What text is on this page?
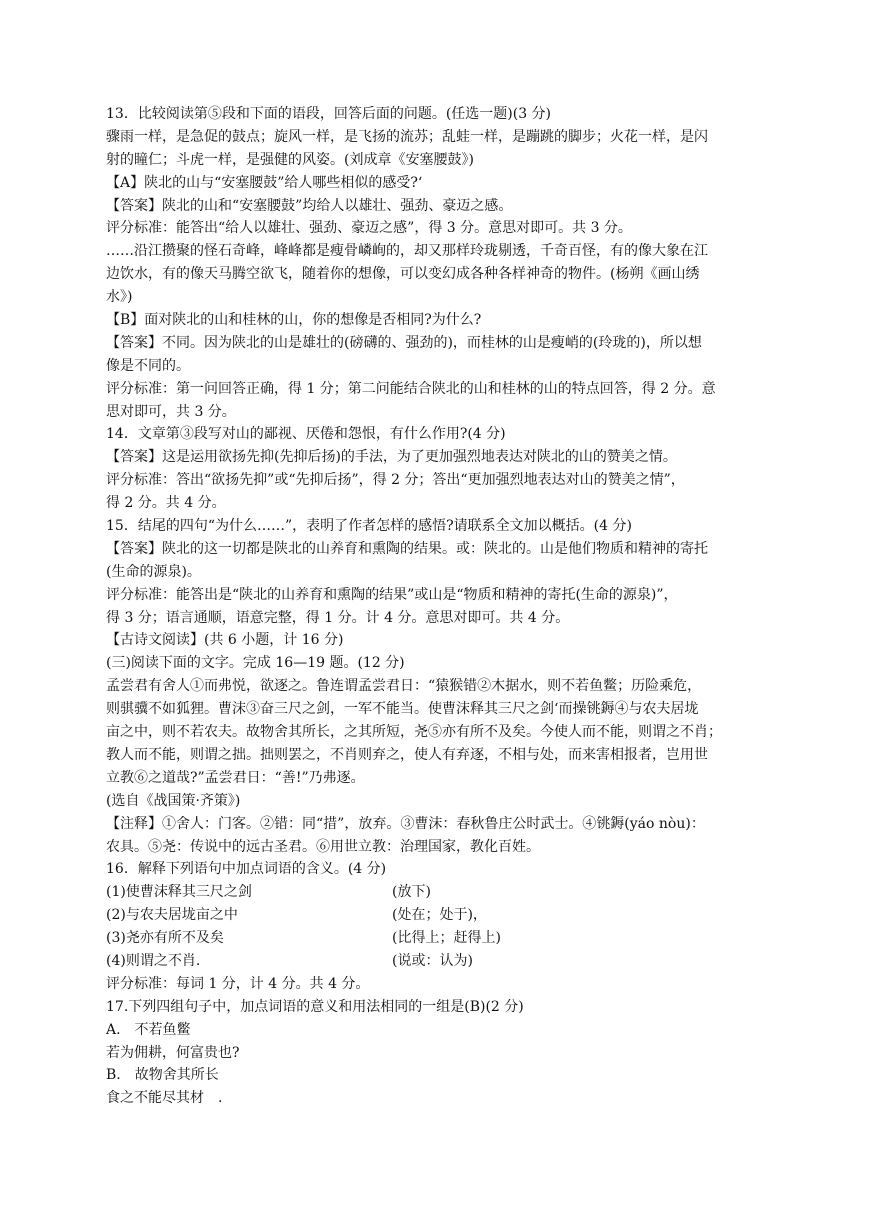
13．比较阅读第⑤段和下面的语段，回答后面的问题。(任选一题)(3 分)
骤雨一样，是急促的鼓点；旋风一样，是飞扬的流苏；乱蛙一样，是蹦跳的脚步；火花一样，是闪
射的瞳仁；斗虎一样，是强健的风姿。(刘成章《安塞腰鼓》)
【A】陕北的山与“安塞腰鼓”给人哪些相似的感受?‘
【答案】陕北的山和“安塞腰鼓”均给人以雄壮、强劲、豪迈之感。
评分标准：能答出“给人以雄壮、强劲、豪迈之感”，得 3 分。意思对即可。共 3 分。
……沿江攒聚的怪石奇峰，峰峰都是瘦骨嶙峋的，却又那样玲珑剔透，千奇百怪，有的像大象在江
边饮水，有的像天马腾空欲飞，随着你的想像，可以变幻成各种各样神奇的物件。(杨朔《画山绣
水》)
【B】面对陕北的山和桂林的山，你的想像是否相同?为什么?
【答案】不同。因为陕北的山是雄壮的(磅礴的、强劲的)，而桂林的山是瘦峭的(玲珑的)，所以想
像是不同的。
评分标准：第一问回答正确，得 1 分；第二问能结合陕北的山和桂林的山的特点回答，得 2 分。意
思对即可，共 3 分。
14．文章第③段写对山的鄙视、厌倦和怨恨，有什么作用?(4 分)
【答案】这是运用欲扬先抑(先抑后扬)的手法，为了更加强烈地表达对陕北的山的赞美之情。
评分标准：答出“欲扬先抑”或“先抑后扬”，得 2 分；答出“更加强烈地表达对山的赞美之情”，
得 2 分。共 4 分。
15．结尾的四句“为什么……”，表明了作者怎样的感悟?请联系全文加以概括。(4 分)
【答案】陕北的这一切都是陕北的山养育和熏陶的结果。或：陕北的。山是他们物质和精神的寄托
(生命的源泉)。
评分标准：能答出是“陕北的山养育和熏陶的结果”或山是“物质和精神的寄托(生命的源泉)”，
得 3 分；语言通顺，语意完整，得 1 分。计 4 分。意思对即可。共 4 分。
【古诗文阅读】(共 6 小题，计 16 分)
(三)阅读下面的文字。完成 16—19 题。(12 分)
孟尝君有舍人①而弗悦，欲逐之。鲁连谓孟尝君日：“猿猴错②木据水，则不若鱼鳖；历险乘危，
则骐骥不如狐狸。曹沫③奋三尺之剑，一军不能当。使曹沫释其三尺之剑‘而操铫鎒④与农夫居垅
亩之中，则不若农夫。故物舍其所长，之其所短，尧⑤亦有所不及矣。今使人而不能，则谓之不肖；
教人而不能，则谓之拙。拙则罢之，不肖则弃之，使人有弃逐，不相与处，而来害相报者，岂用世
立教⑥之道哉?”孟尝君日：“善!”乃弗逐。
(选自《战国策·齐策》)
【注释】①舍人：门客。②错：同“措”，放弃。③曹沫：春秋鲁庄公时武士。④铫鎒(yáo nòu)：
农具。⑤尧：传说中的远古圣君。⑥用世立教：治理国家，教化百姓。
16．解释下列语句中加点词语的含义。(4 分)
(1)使曹沫释其三尺之剑	(放下)
(2)与农夫居垅亩之中	(处在；处于)，
(3)尧亦有所不及矣	(比得上；赶得上)
(4)则谓之不肖.	(说或：认为)
评分标准：每词 1 分，计 4 分。共 4 分。
17.下列四组句子中，加点词语的意义和用法相同的一组是(B)(2 分)
A.　不若鱼鳖
若为佣耕，何富贵也?
B.　故物舍其所长
食之不能尽其材　.
